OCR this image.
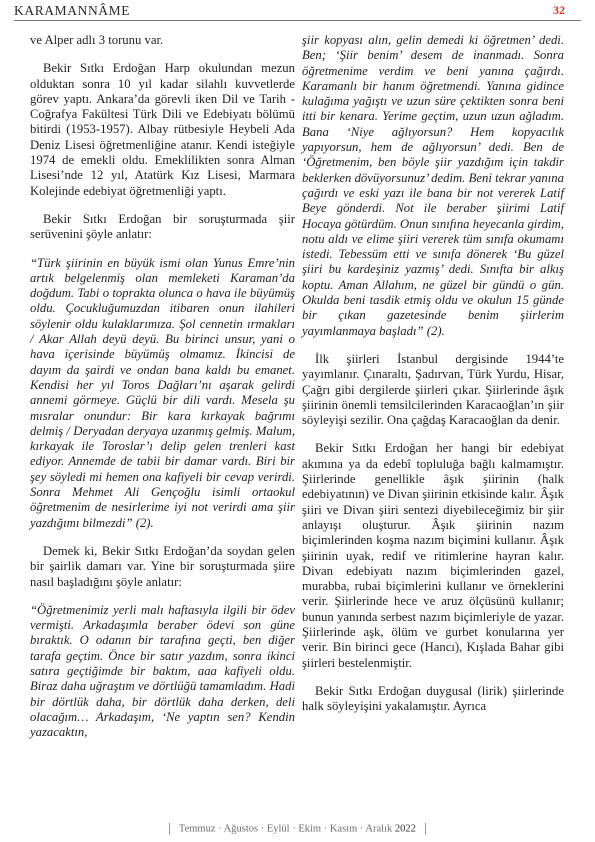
KARAMANNÂME	32

ve Alper adlı 3 torunu var.

Bekir Sıtkı Erdoğan Harp okulundan mezun olduktan sonra 10 yıl kadar silahlı kuvvetlerde görev yaptı. Ankara’da görevli iken Dil ve Tarih -Coğrafya Fakültesi Türk Dili ve Edebiyatı bölümü bitirdi (1953-1957). Albay rütbesiyle Heybeli Ada Deniz Lisesi öğretmenliğine atanır. Kendi isteğiyle 1974 de emekli oldu. Emeklilikten sonra Alman Lisesi’nde 12 yıl, Atatürk Kız Lisesi, Marmara Kolejinde edebiyat öğretmenliği yaptı.

Bekir Sıtkı Erdoğan bir soruşturmada şiir serüvenini şöyle anlatır:

“Türk şiirinin en büyük ismi olan Yunus Emre’nin artık belgelenmiş olan memleketi Karaman’da doğdum. Tabi o toprakta olunca o hava ile büyümüş oldu. Çocukluğumuzdan itibaren onun ilahileri söylenir oldu kulaklarımıza. Şol cennetin ırmakları / Akar Allah deyü deyü. Bu birinci unsur, yani o hava içerisinde büyümüş olmamız. İkincisi de dayım da şairdi ve ondan bana kaldı bu emanet. Kendisi her yıl Toros Dağları’nı aşarak gelirdi annemi görmeye. Güçlü bir dili vardı. Mesela şu mısralar onundur: Bir kara kırkayak bağrımı delmiş / Deryadan deryaya uzanmış gelmiş. Malum, kırkayak ile Toroslar’ı delip gelen trenleri kast ediyor. Annemde de tabii bir damar vardı. Biri bir şey söyledi mi hemen ona kafiyeli bir cevap verirdi. Sonra Mehmet Ali Gençoğlu isimli ortaokul öğretmenim de nesirlerime iyi not verirdi ama şiir yazdığımı bilmezdi” (2).

Demek ki, Bekir Sıtkı Erdoğan’da soydan gelen bir şairlik damarı var. Yine bir soruşturmada şiire nasıl başladığını şöyle anlatır:

“Öğretmenimiz yerli malı haftasıyla ilgili bir ödev vermişti. Arkadaşımla beraber ödevi son güne bıraktık. O odanın bir tarafına geçti, ben diğer tarafa geçtim. Önce bir satır yazdım, sonra ikinci satıra geçtiğimde bir baktım, aaa kafiyeli oldu. Biraz daha uğraştım ve dörtlüğü tamamladım. Hadi bir dörtlük daha, bir dörtlük daha derken, deli olacağım… Arkadaşım, ‘Ne yaptın sen? Kendin yazacaktın,

şiir kopyası alın, gelin demedi ki öğretmen’ dedi. Ben; ‘Şiir benim’ desem de inanmadı. Sonra öğretmenime verdim ve beni yanına çağırdı. Karamanlı bir hanım öğretmendi. Yanına gidince kulağıma yağıştı ve uzun süre çektikten sonra beni itti bir kenara. Yerime geçtim, uzun uzun ağladım. Bana ‘Niye ağlıyorsun? Hem kopyacılık yapıyorsun, hem de ağlıyorsun’ dedi. Ben de ‘Öğretmenim, ben böyle şiir yazdığım için takdir beklerken dövüyorsunuz’ dedim. Beni tekrar yanına çağırdı ve eski yazı ile bana bir not vererek Latif Beye gönderdi. Not ile beraber şiirimi Latif Hocaya götürdüm. Onun sınıfına heyecanla girdim, notu aldı ve elime şiiri vererek tüm sınıfa okumamı istedi. Tebessüm etti ve sınıfa dönerek ‘Bu güzel şiiri bu kardeşiniz yazmış’ dedi. Sınıfta bir alkış koptu. Aman Allahım, ne güzel bir gündü o gün. Okulda beni tasdik etmiş oldu ve okulun 15 günde bir çıkan gazetesinde benim şiirlerim yayımlanmaya başladı” (2).

İlk şiirleri İstanbul dergisinde 1944’te yayımlanır. Çınaraltı, Şadırvan, Türk Yurdu, Hisar, Çağrı gibi dergilerde şiirleri çıkar. Şiirlerinde âşık şiirinin önemli temsilcilerinden Karacaoğlan’ın şiir söyleyişi sezilir. Ona çağdaş Karacaoğlan da denir.

Bekir Sıtkı Erdoğan her hangi bir edebiyat akımına ya da edebî topluluğa bağlı kalmamıştır. Şiirlerinde genellikle âşık şiirinin (halk edebiyatının) ve Divan şiirinin etkisinde kalır. Âşık şiiri ve Divan şiiri sentezi diyebileceğimiz bir şiir anlayışı oluşturur. Âşık şiirinin nazım biçimlerinden koşma nazım biçimini kullanır. Âşık şiirinin uyak, redif ve ritimlerine hayran kalır. Divan edebiyatı nazım biçimlerinden gazel, murabba, rubai biçimlerini kullanır ve örneklerini verir. Şiirlerinde hece ve aruz ölçüsünü kullanır; bunun yanında serbest nazım biçimleriyle de yazar. Şiirlerinde aşk, ölüm ve gurbet konularına yer verir. Bin birinci gece (Hancı), Kışlada Bahar gibi şiirleri bestelenmiştir.

Bekir Sıtkı Erdoğan duygusal (lirik) şiirlerinde halk söyleyişini yakalamıştır. Ayrıca

Temmuz · Ağustos · Eylül · Ekim · Kasım · Aralık 2022
